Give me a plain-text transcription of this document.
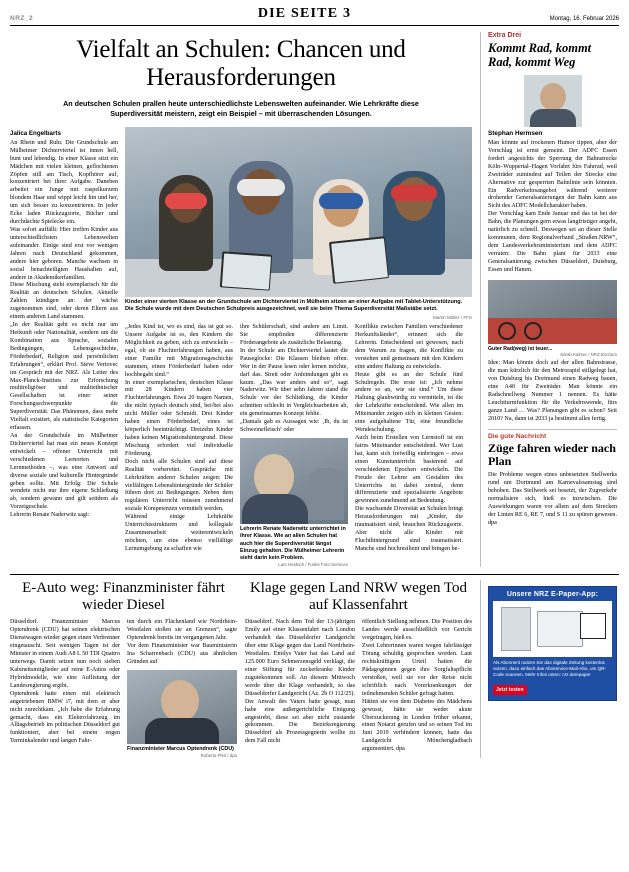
NRZ_2	DIE SEITE 3	Montag, 16. Februar 2026
Vielfalt an Schulen: Chancen und Herausforderungen
An deutschen Schulen prallen heute unterschiedlichste Lebenswelten aufeinander. Wie Lehrkräfte diese Superdiversität meistern, zeigt ein Beispiel – mit überraschenden Lösungen.
Jalica Engelbarts

An Rhein und Ruhr. Die Grundschule am Mülheimer Dichterviertel ist innen hell, bunt und lebendig. In einer Klasse sitzt ein Mädchen mit vielen kleinen, geflochtenen Zöpfen still am Tisch, Kopfhörer auf, konzentriert bei ihrer Aufgabe. Daneben arbeitet ein Junge mit raspelkurzem blondem Haar und wippt leicht hin und her, um sich besser zu konzentrieren. In jeder Ecke laden Rückzugsorte, Bücher und durchdachte Spielecke ein.

Was sofort auffällt: Hier treffen Kinder aus unterschiedlichsten Lebenswelten aufeinander. Einige sind erst vor wenigen Jahren nach Deutschland gekommen, andere hier geboren. Manche wachsen in sozial benachteiligten Haushalten auf, andere in Akademikerfamilien.

Diese Mischung steht exemplarisch für die Realität an deutschen Schulen. Aktuelle Zahlen kündigen an: der wächst zugenommen sind, oder deren Eltern aus einem anderen Land stammen.

„In der Realität geht es nicht nur um Herkunft oder Nationalität, sondern um die Kombination aus Sprache, sozialen Bedingungen, Lebensgeschichte, Förderbedarf, Religion und persönlichen Erfahrungen“, erklärt Prof. Steve Vertovec im Gespräch mit der NRZ. Als Leiter des Max-Planck-Instituts zur Erforschung multireligiöser und multiethnischer Gesellschaften ist einer seiner Forschungsschwerpunkte die Superdiversität. Das Phänomen, dass mehr Vielfalt existiert, als statistische Kategorien erfassen.

An der Grundschule im Mülheimer Dichterviertel hat man ein neues Konzept entwickelt – offener Unterricht mit verschiedenen Lernorten und Lernmethoden –, was eine Antwort auf diverse soziale und kulturelle Hintergründe geben sollte. Mit Erfolg: Die Schule wendete nicht nur ihre eigene Schließung ab, sondern gewann und gilt seitdem als Vorzeigeschule.

Lehrerin Renate Naderwitz sagt:

Kinder einer vierten Klasse an der Grundschule am Dichterviertel in Mülheim sitzen an einer Aufgabe mit Tablet-Unterstützung. Die Schule wurde mit dem Deutschen Schulpreis ausgezeichnet, weil sie beim Thema Superdiversität Maßstäbe setzt.
Martin Möller / FFS

„Jedes Kind ist, wo es sind, das ist gut so. Unsere Aufgabe ist es, den Kindern die Möglichkeit zu geben, sich zu entwickeln – egal, ob sie Fluchterfahrungen haben, aus einer Familie mit Migrationsgeschichte stammen, einen Förderbedarf haben oder hochbegabt sind.“

In einer exemplarischen, deutschen Klasse mit 28 Kindern haben vier Fluchterfahrungen. Etwa 20 tragen Namen, die nicht typisch deutsch sind, bei/bei also nicht Müller oder Schmidt. Drei Kinder haben einen Förderbedarf, eines ist körperlich beeinträchtigt. Dreizehn Kinder haben keinen Migrationshintergrund. Diese Mischung erfordert viel individuelle Förderung.

Doch nicht alle Schulen sind auf diese Realität vorbereitet. Gespräche mit Lehrkräften anderer Schulen zeigen: Die vielfältigen Lebenshintergründe der Schüler führen dort zu Bedingungen. Neben dem regulären Unterricht müssen zunehmend soziale Kompetenzen vermittelt werden.

Während einige Lehrkräfte Unterrichtsstrukturen und kollegiale Zusammenarbeit weiterentwickeln möchten, um eine ebenso vielfältige Lernumgebung zu schaffen wie

ihre Schülerschaft, sind andere am Limit. Sie empfinden differenzierte Förderangebote als zusätzliche Belastung.

In der Schule am Dichterviertel lautet die Pauseglocke: Die Klassen bleiben offen. Wer in der Pause lesen oder lernen möchte, darf das. Streit oder Anfeindungen gibt es kaum. „Das war anders und so“, sagt Naderwitz. Wir über sehn Jahren stand die Schule vor der Schließung, die Kinder schnitten schlecht in Vergleichsarbeiten ab, ein gemeinsames Konzept fehlte.

„Damals gab es Aussagen wie: ‚Ih, du ist Schweinefleisch‘ oder

Lehrerin Renate Naderwitz unterrichtet in ihrer Klasse. Wie an allen Schulen hat auch hier die Superdiversität längst Einzug gehalten. Die Mülheimer Lehrerin sieht darin kein Problem.
Lars Heidrich / Funke Foto Services

Konflikte zwischen Familien verschiedener Herkunftsländer“, erinnert sich die Lehrerin. Entscheidend sei gewesen, nach dem Warum zu fragen, die Konflikte zu verstehen und gemeinsam mit den Kindern eine andere Haltung zu entwickeln.

Heute gibt es an der Schule fünf Schulregeln. Die erste ist: „Ich nehme andere so an, wie sie sind.“ Um diese Haltung glaubwürdig zu vermitteln, ist die der Lehrkräfte entscheidend. Wie allen im Miteinander zeigen sich in kleinen Gesten: eine aufgehaltene Tür, eine freundliche Wendeschulung.

Auch beim Erstellen von Lernstoff ist ein faires Miteinander entscheidend. Wer Lust hat, kann sich freiwillig einbringen – etwa einen Kunstunterricht basierend auf verschiedenen Epochen entwickeln. Die Freude der Lehrer am Gestalten des Unterrichts ist dabei zentral, denn differenzierte und spezialisierte Angebote gewinnen zunehmend an Bedeutung.

Die wachsende Diversität an Schulen bringt Herausforderungen mit „Kinder, die traumatisiert sind, brauchen Rückzugsorte. Aber nicht alle Kinder mit Fluchthintergrund sind traumatisiert. Manche sind hochresilient und bringen be-

Extra Drei
Kommt Rad, kommt Rad, kommt Weg
Stephan Hermsen
Man könnte auf trockenen Humor tippen, aber der Vorschlag ist ernst gemeint. Der ADFC Essen fordert angesichts der Sperrung der Bahnstrecke Köln–Wuppertal–Hagen Vorfahrt fürs Fahrrad, weil Zweiräder zumindest auf Teilen der Strecke eine Alternative zur gesperrten Bahnlinie sein könnten. Ein Radverkehrsangebot während weiterer drohender Generalsanierungen der Bahn kann aus Sicht des ADFC Modellcharakter haben.
Der Vorschlag kam Ende Januar und das ist bei der Bahn, die Planungen gern etwas langfristiger angeht, natürlich zu schnell. Deswegen sei an dieser Stelle kommunen, dem Regionalverband „Straßen.NRW“, dem Landesverkehrsministerium und dem ADFC verraten: Die Bahn plant für 2033 eine Generalsanierung zwischen Düsseldorf, Duisburg, Essen und Hamm.
Guter Rad(weg) ist teuer...
Sarah Kalmer / NRZ Bochum
Idee: Man könnte doch auf der allen Bahnstrasse, die man kürzlich für den Metrorapid stillgelegt hat, von Duisburg bis Dortmund einen Radweg bauen, eine A40 für Zweiräder. Man könnte ein Radschnellweg Nummer 1 nennen. Es hätte Leuchtturmfunktion für die Verkehrswende, fürs ganze Land … Was? Planungen gibt es schon? Seit 2010? Na, dann ist 2033 ja bestimmt alles fertig.
Die gute Nachricht
Züge fahren wieder nach Plan
Die Probleme wegen eines unbesetzten Stellwerks rund um Dortmund am Karnevalssamstag sind behoben. Das Stellwerk sei besetzt, der Zugverkehr normalisiere sich, hieß es inzwischen. Die Auswirkungen waren vor allem auf dem Strecken der Linien RE 6, RE 7, und S 11 zu spüren gewesen. dpa
E-Auto weg: Finanzminister fährt wieder Diesel

Düsseldorf. Finanzminister Marcus Optendrenk (CDU) hat seinen elektrischen Dienstwagen wieder gegen einen Verbrenner eingetauscht. Seit wenigen Tagen ist der Minister in einem Audi A8 L 50 TDI Quattro unterwegs. Damit setzen nun noch sieben Kabinettsmitglieder auf reine E-Autos oder Hybridmodelle, wie eine Auflistung der Landesregierung ergibt.

Optendrenk hatte einen mit elektrisch angetriebenen BMW i7, mit dem er aber nicht zurechtkam. „Ich habe die Erfahrung gemacht, dass ein Elektrofahrzeug im Alltagsbetrieb im politischen Düsseldorf gut funktioniert, aber bei einem engen Terminkalender und langen Fahr-

ten durch ein Flächenland wie Nordrhein-Westfalen stoßen sie an Grenzen“, sagte Optendrenk bereits im vergangenen Jahr.

Vor dem Finanzminister war Bauministerin Ina Scharrenbach (CDU) aus ähnlichen Gründen auf

Finanzminister Marcus Optendrenk (CDU)
Roberto Pfeil / dpa
Klage gegen Land NRW wegen Tod auf Klassenfahrt

Düsseldorf. Nach dem Tod der 13-jährigen Emily auf einer Klassenfahrt nach London verhandelt das Düsseldorfer Landgericht über eine Klage gegen das Land Nordrhein-Westfalen. Emilys Vater hat das Land auf 125.000 Euro Schmerzensgeld verklagt, die einer Stiftung für zuckerkranke Kinder zugutekommen soll. An diesem Mittwoch werde über die Klage verhandelt, so das Düsseldorfer Landgericht (Az. 2b O 112/25).

Der Anwalt des Vaters hatte gesagt, man habe eine außergerichtliche Einigung angestrebt, diese sei aber nicht zustande gekommen. Die Bezirksregierung Düsseldorf als Prozessgegnerin wollte zu dem Fall nicht

öffentlich Stellung nehmen. Die Position des Landes werde ausschließlich vor Gericht vorgetragen, hieß es.

Zwei Lehrerinnen waren wegen fahrlässiger Tötung schuldig gesprochen worden. Laut rechtskräftigem Urteil hatten die Pädagoginnen gegen ihre Sorgfaltspflicht verstoßen, weil sie vor der Reise nicht schriftlich nach Vorerkrankungen der teilnehmenden Schüler gefragt hatten.

Hätten sie von dem Diabetes des Mädchens gewusst, hätte sie weder akute Überzuckerung in London früher erkannt, einen Notarzt gerufen und so seinen Tod im Juni 2019 verhindern können, hatte das Landgericht Mönchengladbach argumentiert. dpa

Unsere NRZ E-Paper-App:
Als Abonnent nutzen Sie das digitale Zeitung kostenlos nutzen, dazu einfach das Aboservice-Mail-Abo, um QR-Code scannen. Mehr Infos unten: nrz.de/epaper
Jetzt testen
